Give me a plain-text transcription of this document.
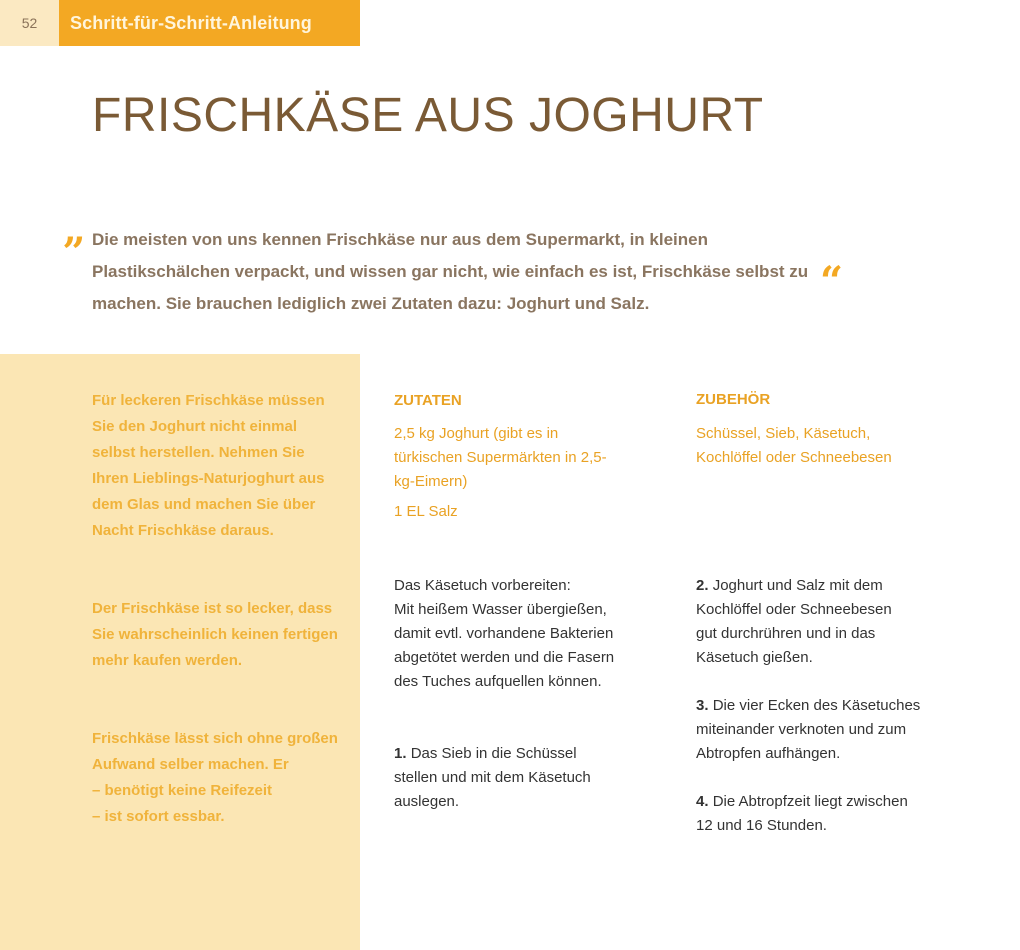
52	Schritt-für-Schritt-Anleitung
FRISCHKÄSE AUS JOGHURT
„ Die meisten von uns kennen Frischkäse nur aus dem Supermarkt, in kleinen Plastikschälchen verpackt, und wissen gar nicht, wie einfach es ist, Frischkäse selbst zu machen. Sie brauchen lediglich zwei Zutaten dazu: Joghurt und Salz.	“

Für leckeren Frischkäse müssen Sie den Joghurt nicht einmal selbst herstellen. Nehmen Sie Ihren Lieblings-Naturjoghurt aus dem Glas und machen Sie über Nacht Frischkäse daraus.

Der Frischkäse ist so lecker, dass Sie wahrscheinlich keinen fertigen mehr kaufen werden.

Frischkäse lässt sich ohne großen Aufwand selber machen. Er
– benötigt keine Reifezeit
– ist sofort essbar.
ZUTATEN

2,5 kg Joghurt (gibt es in türkischen Supermärkten in 2,5-kg-Eimern)

1 EL Salz

ZUBEHÖR

Schüssel, Sieb, Käsetuch, Kochlöffel oder Schneebesen

Das Käsetuch vorbereiten:
Mit heißem Wasser übergießen, damit evtl. vorhandene Bakterien abgetötet werden und die Fasern des Tuches aufquellen können.

1. Das Sieb in die Schüssel stellen und mit dem Käsetuch auslegen.

2. Joghurt und Salz mit dem Kochlöffel oder Schneebesen gut durchrühren und in das Käsetuch gießen.

3. Die vier Ecken des Käsetuches miteinander verknoten und zum Abtropfen aufhängen.

4. Die Abtropfzeit liegt zwischen 12 und 16 Stunden.
